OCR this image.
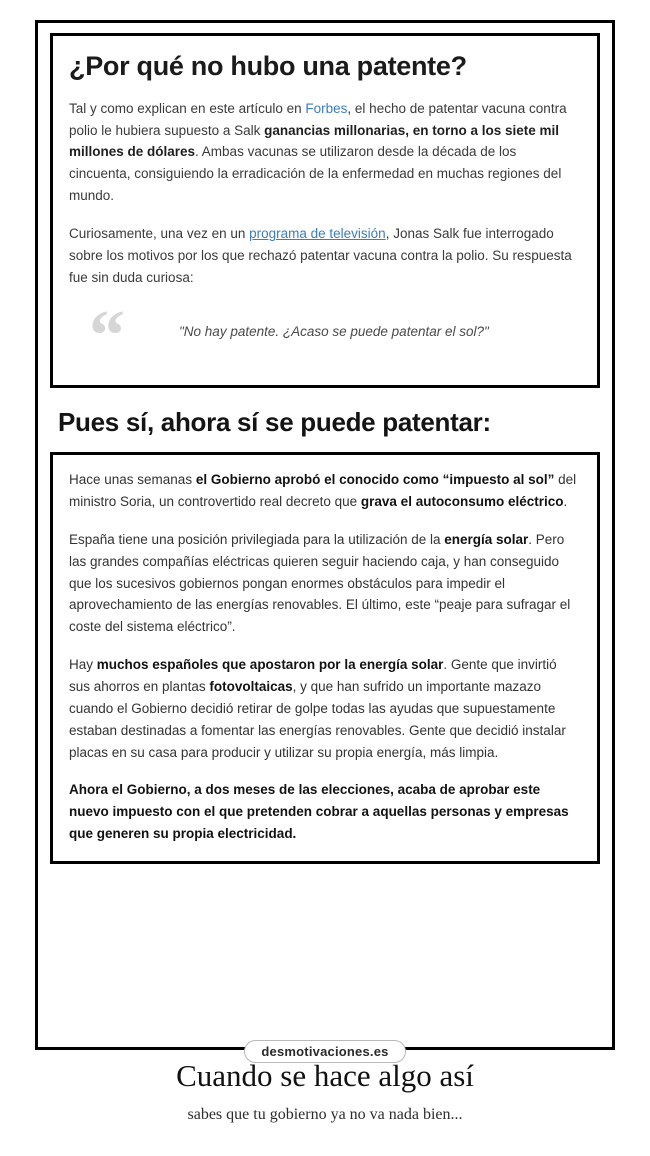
¿Por qué no hubo una patente?

Tal y como explican en este artículo en Forbes, el hecho de patentar vacuna contra polio le hubiera supuesto a Salk ganancias millonarias, en torno a los siete mil millones de dólares. Ambas vacunas se utilizaron desde la década de los cincuenta, consiguiendo la erradicación de la enfermedad en muchas regiones del mundo.

Curiosamente, una vez en un programa de televisión, Jonas Salk fue interrogado sobre los motivos por los que rechazó patentar vacuna contra la polio. Su respuesta fue sin duda curiosa:

“	"No hay patente. ¿Acaso se puede patentar el sol?"
Pues sí, ahora sí se puede patentar:

Hace unas semanas el Gobierno aprobó el conocido como “impuesto al sol” del ministro Soria, un controvertido real decreto que grava el autoconsumo eléctrico.

España tiene una posición privilegiada para la utilización de la energía solar. Pero las grandes compañías eléctricas quieren seguir haciendo caja, y han conseguido que los sucesivos gobiernos pongan enormes obstáculos para impedir el aprovechamiento de las energías renovables. El último, este “peaje para sufragar el coste del sistema eléctrico”.

Hay muchos españoles que apostaron por la energía solar. Gente que invirtió sus ahorros en plantas fotovoltaicas, y que han sufrido un importante mazazo cuando el Gobierno decidió retirar de golpe todas las ayudas que supuestamente estaban destinadas a fomentar las energías renovables. Gente que decidió instalar placas en su casa para producir y utilizar su propia energía, más limpia.

Ahora el Gobierno, a dos meses de las elecciones, acaba de aprobar este nuevo impuesto con el que pretenden cobrar a aquellas personas y empresas que generen su propia electricidad.

desmotivaciones.es

Cuando se hace algo así

sabes que tu gobierno ya no va nada bien...
